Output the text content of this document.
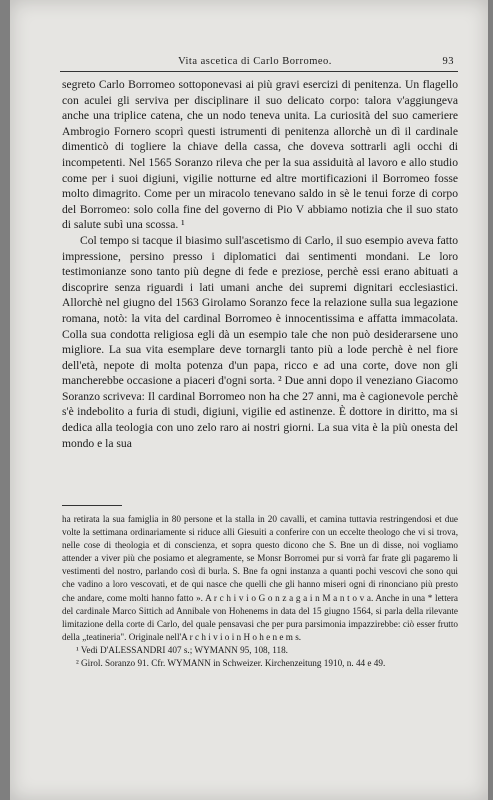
Vita ascetica di Carlo Borromeo.	93

segreto Carlo Borromeo sottoponevasi ai più gravi esercizi di penitenza. Un flagello con aculei gli serviva per disciplinare il suo delicato corpo: talora v'aggiungeva anche una triplice catena, che un nodo teneva unita. La curiosità del suo cameriere Ambrogio Fornero scoprì questi istrumenti di penitenza allorchè un dì il cardinale dimenticò di togliere la chiave della cassa, che doveva sottrarli agli occhi di incompetenti. Nel 1565 Soranzo rileva che per la sua assiduità al lavoro e allo studio come per i suoi digiuni, vigilie notturne ed altre mortificazioni il Borromeo fosse molto dimagrito. Come per un miracolo tenevano saldo in sè le tenui forze di corpo del Borromeo: solo colla fine del governo di Pio V abbiamo notizia che il suo stato di salute subì una scossa. ¹

Col tempo si tacque il biasimo sull'ascetismo di Carlo, il suo esempio aveva fatto impressione, persino presso i diplomatici dai sentimenti mondani. Le loro testimonianze sono tanto più degne di fede e preziose, perchè essi erano abituati a discoprire senza riguardi i lati umani anche dei supremi dignitari ecclesiastici. Allorchè nel giugno del 1563 Girolamo Soranzo fece la relazione sulla sua legazione romana, notò: la vita del cardinal Borromeo è innocentissima e affatta immacolata. Colla sua condotta religiosa egli dà un esempio tale che non può desiderarsene uno migliore. La sua vita esemplare deve tornargli tanto più a lode perchè è nel fiore dell'età, nepote di molta potenza d'un papa, ricco e ad una corte, dove non gli mancherebbe occasione a piaceri d'ogni sorta. ² Due anni dopo il veneziano Giacomo Soranzo scriveva: Il cardinal Borromeo non ha che 27 anni, ma è cagionevole perchè s'è indebolito a furia di studi, digiuni, vigilie ed astinenze. È dottore in diritto, ma si dedica alla teologia con uno zelo raro ai nostri giorni. La sua vita è la più onesta del mondo e la sua

ha retirata la sua famiglia in 80 persone et la stalla in 20 cavalli, et camina tuttavia restringendosi et due volte la settimana ordinariamente si riduce alli Giesuiti a conferire con un eccelte theologo che vi si trova, nelle cose di theologia et di conscienza, et sopra questo dicono che S. Bne un dì disse, noi vogliamo attender a viver più che posiamo et alegramente, se Monsr Borromei pur si vorrà far frate gli pagaremo li vestimenti del nostro, parlando così di burla. S. Bne fa ogni instanza a quanti pochi vescovi che sono qui che vadino a loro vescovati, et de qui nasce che quelli che gli hanno miseri ogni di rinonciano più presto che andare, come molti hanno fatto ». A r c h i v i o G o n z a g a i n M a n t o v a. Anche in una * lettera del cardinale Marco Sittich ad Annibale von Hohenems in data del 15 giugno 1564, si parla della rilevante limitazione della corte di Carlo, del quale pensavasi che per pura parsimonia impazzirebbe: ciò esser frutto della „teatineria". Originale nell'A r c h i v i o i n H o h e n e m s.

¹ Vedi D'ALESSANDRI 407 s.; WYMANN 95, 108, 118.

² Girol. Soranzo 91. Cfr. WYMANN in Schweizer. Kirchenzeitung 1910, n. 44 e 49.
